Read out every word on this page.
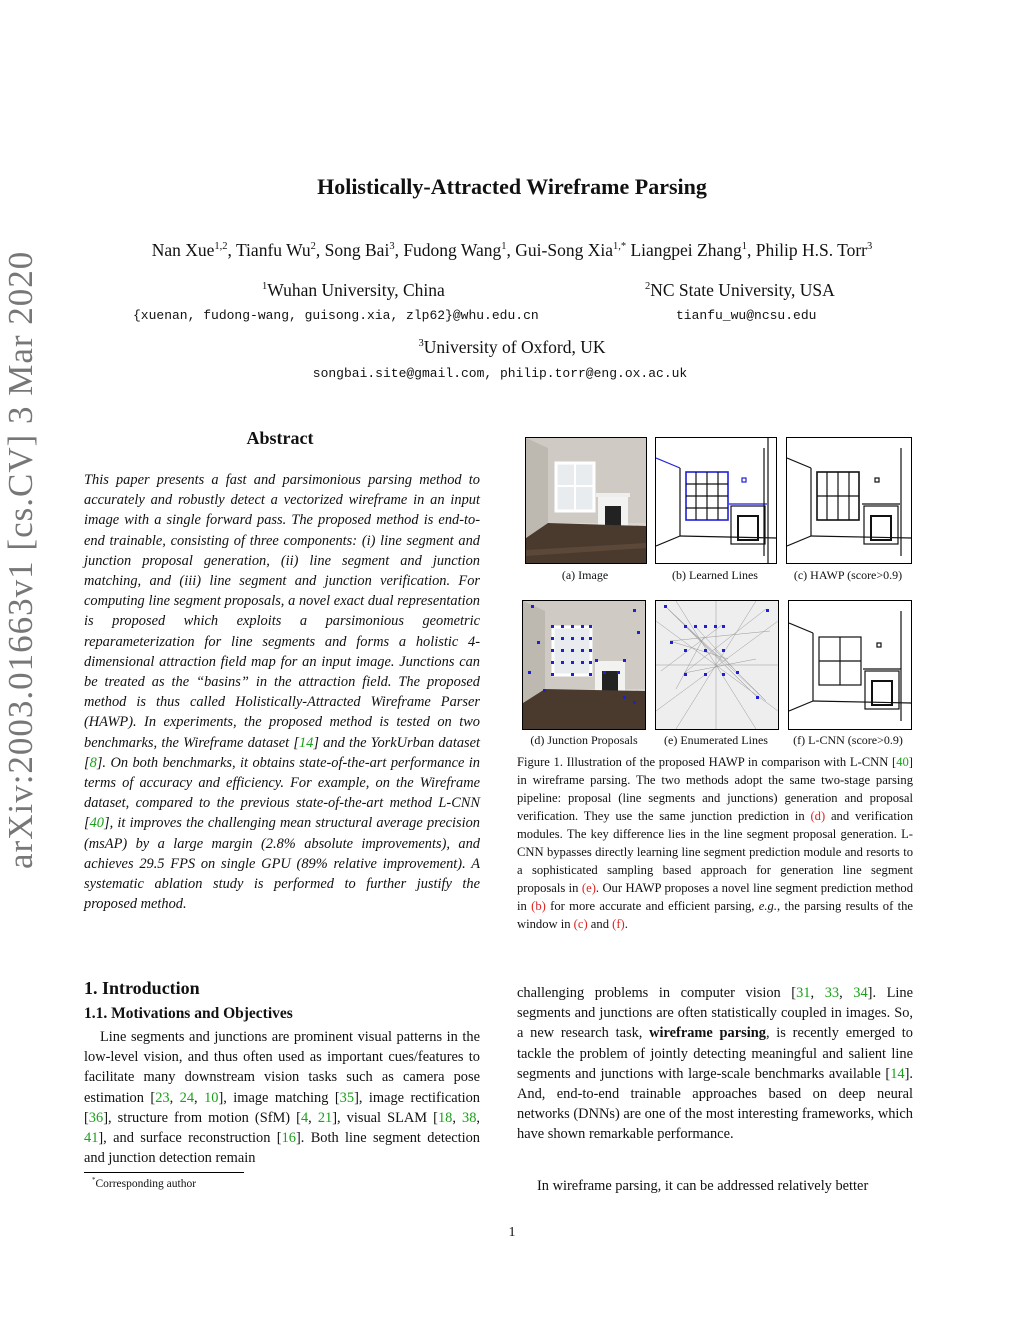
arXiv:2003.01663v1 [cs.CV] 3 Mar 2020
Holistically-Attracted Wireframe Parsing
Nan Xue$^{1,2}$, Tianfu Wu$^2$, Song Bai$^3$, Fudong Wang$^1$, Gui-Song Xia$^{1,*}$ Liangpei Zhang$^1$, Philip H.S. Torr$^3$
$^1$Wuhan University, China
{xuenan, fudong-wang, guisong.xia, zlp62}@whu.edu.cn
$^2$NC State University, USA
tianfu_wu@ncsu.edu
$^3$University of Oxford, UK
songbai.site@gmail.com, philip.torr@eng.ox.ac.uk
Abstract
This paper presents a fast and parsimonious parsing method to accurately and robustly detect a vectorized wireframe in an input image with a single forward pass. The proposed method is end-to-end trainable, consisting of three components: (i) line segment and junction proposal generation, (ii) line segment and junction matching, and (iii) line segment and junction verification. For computing line segment proposals, a novel exact dual representation is proposed which exploits a parsimonious geometric reparameterization for line segments and forms a holistic 4-dimensional attraction field map for an input image. Junctions can be treated as the “basins” in the attraction field. The proposed method is thus called Holistically-Attracted Wireframe Parser (HAWP). In experiments, the proposed method is tested on two benchmarks, the Wireframe dataset [14] and the YorkUrban dataset [8]. On both benchmarks, it obtains state-of-the-art performance in terms of accuracy and efficiency. For example, on the Wireframe dataset, compared to the previous state-of-the-art method L-CNN [40], it improves the challenging mean structural average precision (msAP) by a large margin (2.8% absolute improvements), and achieves 29.5 FPS on single GPU (89% relative improvement). A systematic ablation study is performed to further justify the proposed method.
1. Introduction
1.1. Motivations and Objectives
Line segments and junctions are prominent visual patterns in the low-level vision, and thus often used as important cues/features to facilitate many downstream vision tasks such as camera pose estimation [23, 24, 10], image matching [35], image rectification [36], structure from motion (SfM) [4, 21], visual SLAM [18, 38, 41], and surface reconstruction [16]. Both line segment detection and junction detection remain
*Corresponding author
(a) Image	(b) Learned Lines	(c) HAWP (score>0.9)
(d) Junction Proposals	(e) Enumerated Lines	(f) L-CNN (score>0.9)
Figure 1. Illustration of the proposed HAWP in comparison with L-CNN [40] in wireframe parsing. The two methods adopt the same two-stage parsing pipeline: proposal (line segments and junctions) generation and proposal verification. They use the same junction prediction in (d) and verification modules. The key difference lies in the line segment proposal generation. L-CNN bypasses directly learning line segment prediction module and resorts to a sophisticated sampling based approach for generation line segment proposals in (e). Our HAWP proposes a novel line segment prediction method in (b) for more accurate and efficient parsing, e.g., the parsing results of the window in (c) and (f).
challenging problems in computer vision [31, 33, 34]. Line segments and junctions are often statistically coupled in images. So, a new research task, wireframe parsing, is recently emerged to tackle the problem of jointly detecting meaningful and salient line segments and junctions with large-scale benchmarks available [14]. And, end-to-end trainable approaches based on deep neural networks (DNNs) are one of the most interesting frameworks, which have shown remarkable performance.
In wireframe parsing, it can be addressed relatively better
1
